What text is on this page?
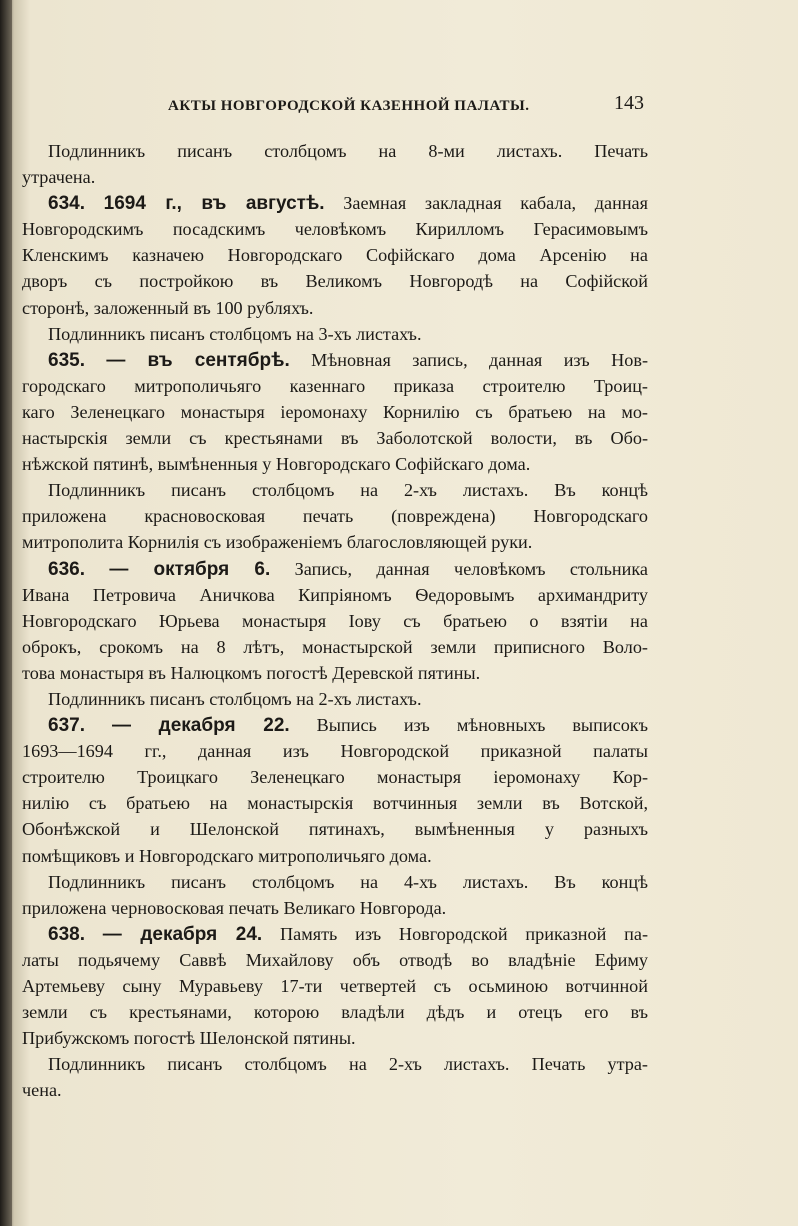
АКТЫ НОВГОРОДСКОЙ КАЗЕННОЙ ПАЛАТЫ.	143
Подлинникъ писанъ столбцомъ на 8-ми листахъ. Печать
утрачена.
634. 1694 г., въ августѣ. Заемная закладная кабала, данная
Новгородскимъ посадскимъ человѣкомъ Кирилломъ Герасимовымъ
Кленскимъ казначею Новгородскаго Софійскаго дома Арсенію на
дворъ съ постройкою въ Великомъ Новгородѣ на Софійской
сторонѣ, заложенный въ 100 рубляхъ.
Подлинникъ писанъ столбцомъ на 3-хъ листахъ.
635. — въ сентябрѣ. Мѣновная запись, данная изъ Нов-
городскаго митрополичьяго казеннаго приказа строителю Троиц-
каго Зеленецкаго монастыря іеромонаху Корнилію съ братьею на мо-
настырскія земли съ крестьянами въ Заболотской волости, въ Обо-
нѣжской пятинѣ, вымѣненныя у Новгородскаго Софійскаго дома.
Подлинникъ писанъ столбцомъ на 2-хъ листахъ. Въ концѣ
приложена красновосковая печать (повреждена) Новгородскаго
митрополита Корнилія съ изображеніемъ благословляющей руки.
636. — октября 6. Запись, данная человѣкомъ стольника
Ивана Петровича Аничкова Кипріяномъ Ѳедоровымъ архимандриту
Новгородскаго Юрьева монастыря Іову съ братьею о взятіи на
оброкъ, срокомъ на 8 лѣтъ, монастырской земли приписного Воло-
това монастыря въ Налюцкомъ погостѣ Деревской пятины.
Подлинникъ писанъ столбцомъ на 2-хъ листахъ.
637. — декабря 22. Выпись изъ мѣновныхъ выписокъ
1693—1694 гг., данная изъ Новгородской приказной палаты
строителю Троицкаго Зеленецкаго монастыря іеромонаху Кор-
нилію съ братьею на монастырскія вотчинныя земли въ Вотской,
Обонѣжской и Шелонской пятинахъ, вымѣненныя у разныхъ
помѣщиковъ и Новгородскаго митрополичьяго дома.
Подлинникъ писанъ столбцомъ на 4-хъ листахъ. Въ концѣ
приложена черновосковая печать Великаго Новгорода.
638. — декабря 24. Память изъ Новгородской приказной па-
латы подьячему Саввѣ Михайлову объ отводѣ во владѣніе Ефиму
Артемьеву сыну Муравьеву 17-ти четвертей съ осьминою вотчинной
земли съ крестьянами, которою владѣли дѣдъ и отецъ его въ
Прибужскомъ погостѣ Шелонской пятины.
Подлинникъ писанъ столбцомъ на 2-хъ листахъ. Печать утра-
чена.
